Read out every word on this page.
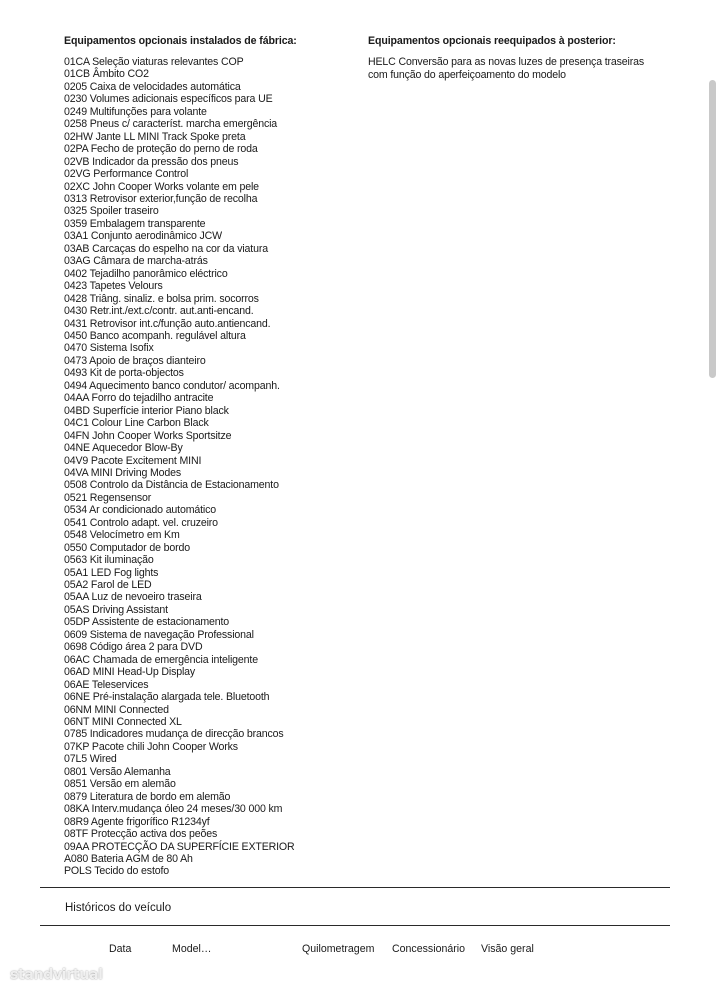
Equipamentos opcionais instalados de fábrica:
01CA Seleção viaturas relevantes COP
01CB Âmbito CO2
0205 Caixa de velocidades automática
0230 Volumes adicionais específicos para UE
0249 Multifunções para volante
0258 Pneus c/ característ. marcha emergência
02HW Jante LL MINI Track Spoke preta
02PA Fecho de proteção do perno de roda
02VB Indicador da pressão dos pneus
02VG Performance Control
02XC John Cooper Works volante em pele
0313 Retrovisor exterior,função de recolha
0325 Spoiler traseiro
0359 Embalagem transparente
03A1 Conjunto aerodinâmico JCW
03AB Carcaças do espelho na cor da viatura
03AG Câmara de marcha-atrás
0402 Tejadilho panorâmico eléctrico
0423 Tapetes Velours
0428 Triâng. sinaliz. e bolsa prim. socorros
0430 Retr.int./ext.c/contr. aut.anti-encand.
0431 Retrovisor int.c/função auto.antiencand.
0450 Banco acompanh. regulável altura
0470 Sistema Isofix
0473 Apoio de braços dianteiro
0493 Kit de porta-objectos
0494 Aquecimento banco condutor/ acompanh.
04AA Forro do tejadilho antracite
04BD Superfície interior Piano black
04C1 Colour Line Carbon Black
04FN John Cooper Works Sportsitze
04NE Aquecedor Blow-By
04V9 Pacote Excitement MINI
04VA MINI Driving Modes
0508 Controlo da Distância de Estacionamento
0521 Regensensor
0534 Ar condicionado automático
0541 Controlo adapt. vel. cruzeiro
0548 Velocímetro em Km
0550 Computador de bordo
0563 Kit iluminação
05A1 LED Fog lights
05A2 Farol de LED
05AA Luz de nevoeiro traseira
05AS Driving Assistant
05DP Assistente de estacionamento
0609 Sistema de navegação Professional
0698 Código área 2 para DVD
06AC Chamada de emergência inteligente
06AD MINI Head-Up Display
06AE Teleservices
06NE Pré-instalação alargada tele. Bluetooth
06NM MINI Connected
06NT MINI Connected XL
0785 Indicadores mudança de direcção brancos
07KP Pacote chili John Cooper Works
07L5 Wired
0801 Versão Alemanha
0851 Versão em alemão
0879 Literatura de bordo em alemão
08KA Interv.mudança óleo 24 meses/30 000 km
08R9 Agente frigorífico R1234yf
08TF Protecção activa dos peões
09AA PROTECÇÃO DA SUPERFÍCIE EXTERIOR
A080 Bateria AGM de 80 Ah
POLS Tecido do estofo
Equipamentos opcionais reequipados à posterior:

HELC Conversão para as novas luzes de presença traseiras
com função do aperfeiçoamento do modelo

Históricos do veículo
Data	Model…	Quilometragem Concessionário Visão geral
standvirtual
